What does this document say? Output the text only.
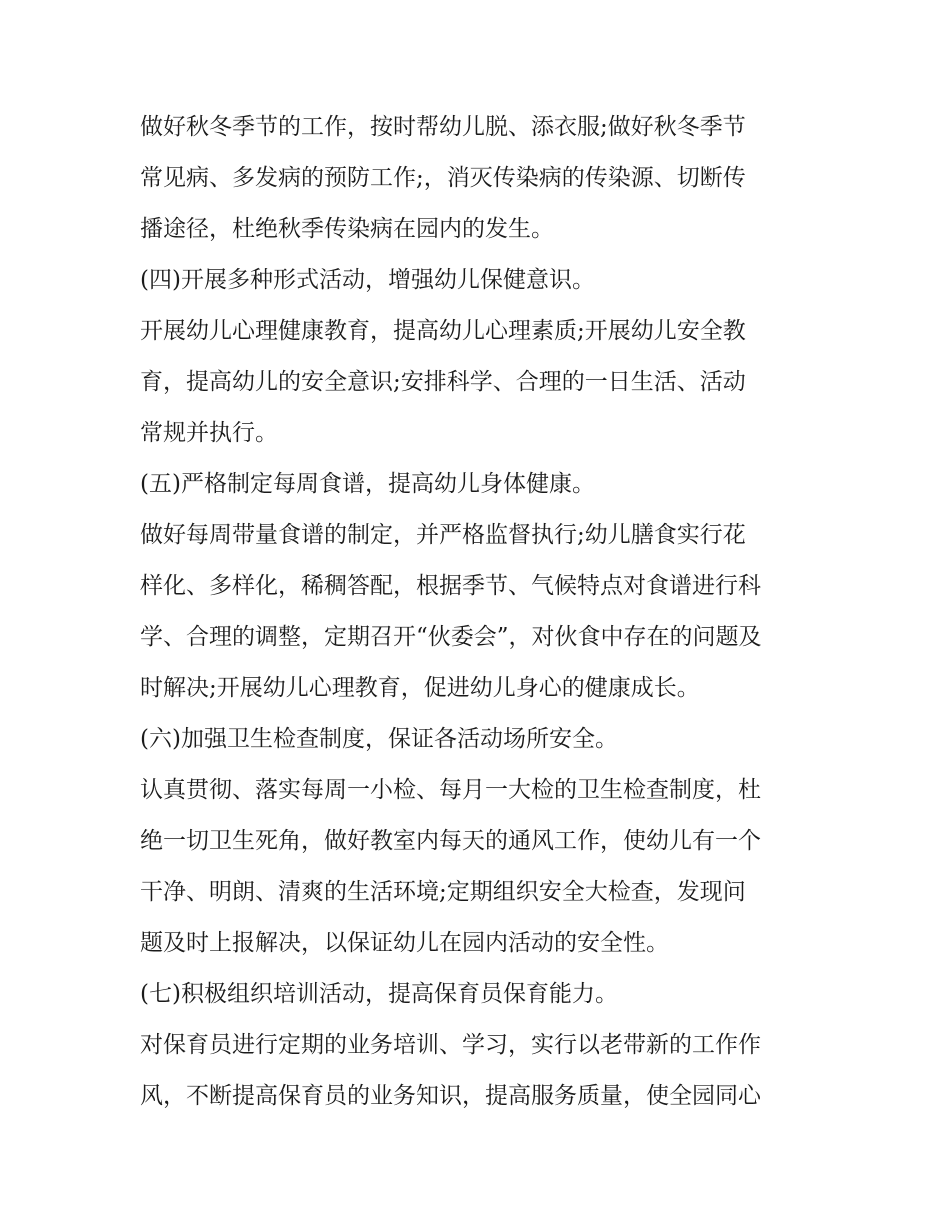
做好秋冬季节的工作，按时帮幼儿脱、添衣服;做好秋冬季节
常见病、多发病的预防工作;，消灭传染病的传染源、切断传
播途径，杜绝秋季传染病在园内的发生。
(四)开展多种形式活动，增强幼儿保健意识。
开展幼儿心理健康教育，提高幼儿心理素质;开展幼儿安全教
育，提高幼儿的安全意识;安排科学、合理的一日生活、活动
常规并执行。
(五)严格制定每周食谱，提高幼儿身体健康。
做好每周带量食谱的制定，并严格监督执行;幼儿膳食实行花
样化、多样化，稀稠答配，根据季节、气候特点对食谱进行科
学、合理的调整，定期召开“伙委会”，对伙食中存在的问题及
时解决;开展幼儿心理教育，促进幼儿身心的健康成长。
(六)加强卫生检查制度，保证各活动场所安全。
认真贯彻、落实每周一小检、每月一大检的卫生检查制度，杜
绝一切卫生死角，做好教室内每天的通风工作，使幼儿有一个
干净、明朗、清爽的生活环境;定期组织安全大检查，发现问
题及时上报解决，以保证幼儿在园内活动的安全性。
(七)积极组织培训活动，提高保育员保育能力。
对保育员进行定期的业务培训、学习，实行以老带新的工作作
风，不断提高保育员的业务知识，提高服务质量，使全园同心
